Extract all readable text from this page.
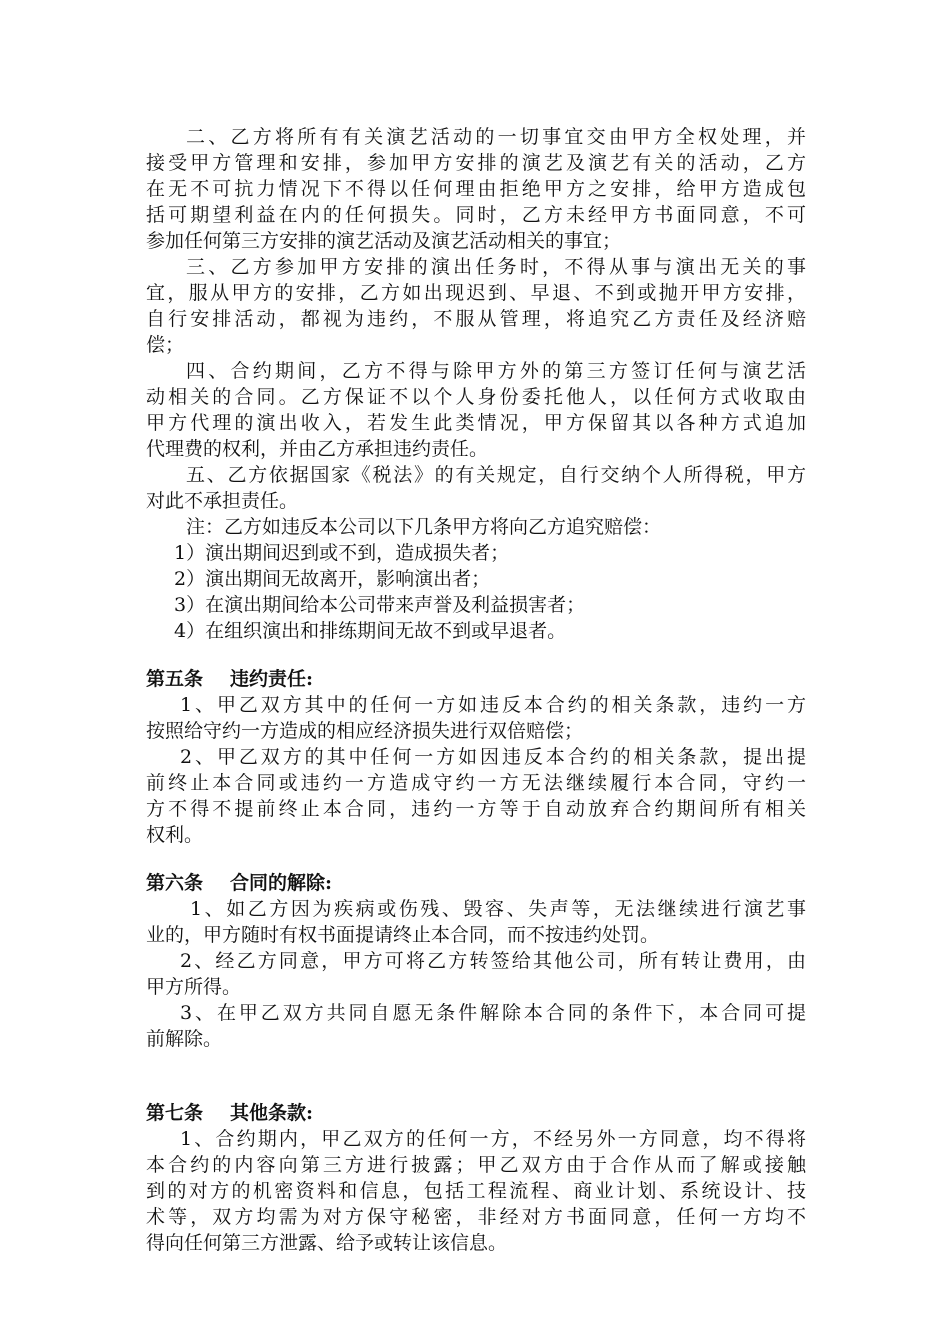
二、乙方将所有有关演艺活动的一切事宜交由甲方全权处理，并
接受甲方管理和安排，参加甲方安排的演艺及演艺有关的活动，乙方
在无不可抗力情况下不得以任何理由拒绝甲方之安排，给甲方造成包
括可期望利益在内的任何损失。同时，乙方未经甲方书面同意，不可
参加任何第三方安排的演艺活动及演艺活动相关的事宜；
三、乙方参加甲方安排的演出任务时，不得从事与演出无关的事
宜，服从甲方的安排，乙方如出现迟到、早退、不到或抛开甲方安排，
自行安排活动，都视为违约，不服从管理，将追究乙方责任及经济赔
偿；
四、合约期间，乙方不得与除甲方外的第三方签订任何与演艺活
动相关的合同。乙方保证不以个人身份委托他人，以任何方式收取由
甲方代理的演出收入，若发生此类情况，甲方保留其以各种方式追加
代理费的权利，并由乙方承担违约责任。
五、乙方依据国家《税法》的有关规定，自行交纳个人所得税，甲方
对此不承担责任。
注：乙方如违反本公司以下几条甲方将向乙方追究赔偿：
1）演出期间迟到或不到，造成损失者；
2）演出期间无故离开，影响演出者；
3）在演出期间给本公司带来声誉及利益损害者；
4）在组织演出和排练期间无故不到或早退者。
第五条 违约责任:
1、甲乙双方其中的任何一方如违反本合约的相关条款，违约一方
按照给守约一方造成的相应经济损失进行双倍赔偿；
2、甲乙双方的其中任何一方如因违反本合约的相关条款，提出提
前终止本合同或违约一方造成守约一方无法继续履行本合同，守约一
方不得不提前终止本合同，违约一方等于自动放弃合约期间所有相关
权利。
第六条 合同的解除:
1、如乙方因为疾病或伤残、毁容、失声等，无法继续进行演艺事
业的，甲方随时有权书面提请终止本合同，而不按违约处罚。
2、经乙方同意，甲方可将乙方转签给其他公司，所有转让费用，由
甲方所得。
3、在甲乙双方共同自愿无条件解除本合同的条件下，本合同可提
前解除。
第七条 其他条款:
1、合约期内，甲乙双方的任何一方，不经另外一方同意，均不得将
本合约的内容向第三方进行披露；甲乙双方由于合作从而了解或接触
到的对方的机密资料和信息，包括工程流程、商业计划、系统设计、技
术等，双方均需为对方保守秘密，非经对方书面同意，任何一方均不
得向任何第三方泄露、给予或转让该信息。
